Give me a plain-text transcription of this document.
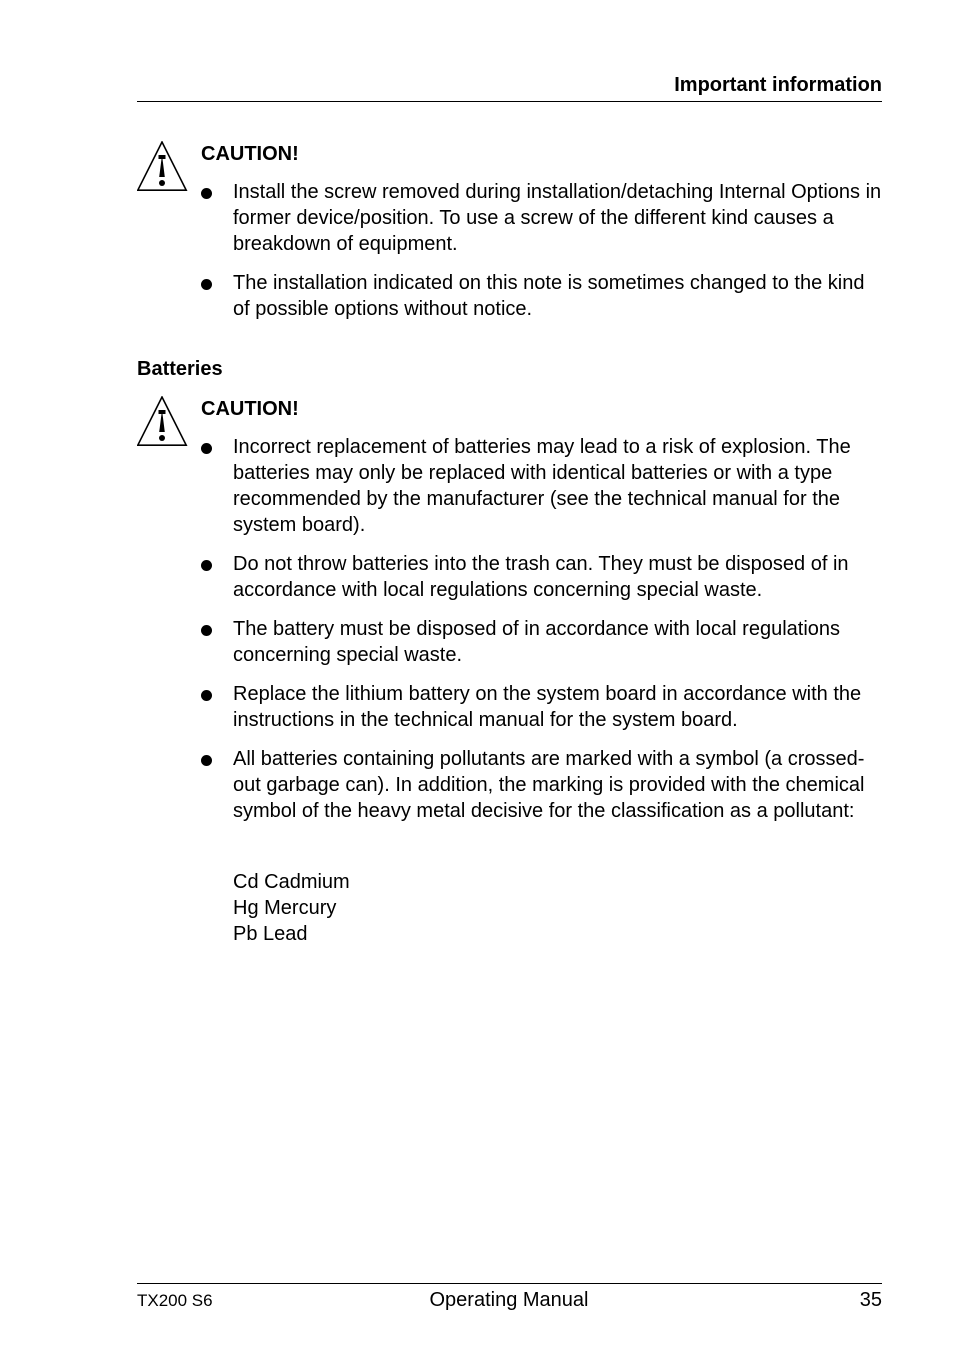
Important information
CAUTION!
Install the screw removed during installation/detaching Internal Options in former device/position. To use a screw of the different kind causes a breakdown of equipment.
The installation indicated on this note is sometimes changed to the kind of possible options without notice.
Batteries
CAUTION!
Incorrect replacement of batteries may lead to a risk of explosion. The batteries may only be replaced with identical batteries or with a type recommended by the manufacturer (see the technical manual for the system board).
Do not throw batteries into the trash can. They must be disposed of in accordance with local regulations concerning special waste.
The battery must be disposed of in accordance with local regulations concerning special waste.
Replace the lithium battery on the system board in accordance with the instructions in the technical manual for the system board.
All batteries containing pollutants are marked with a symbol (a crossed-out garbage can). In addition, the marking is provided with the chemical symbol of the heavy metal decisive for the classification as a pollutant:
Cd Cadmium
Hg Mercury
Pb Lead
TX200 S6	Operating Manual	35
